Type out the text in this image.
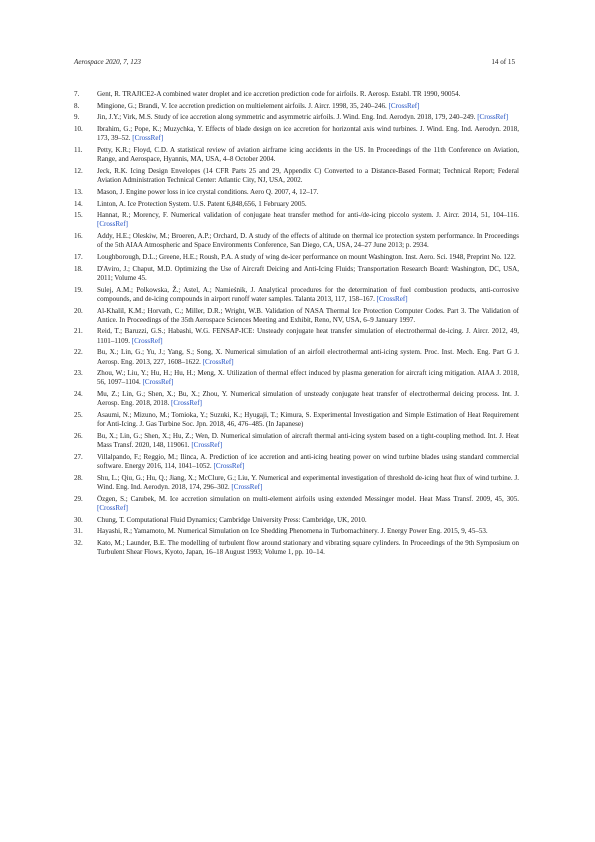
Aerospace 2020, 7, 123	14 of 15
7.	Gent, R. TRAJICE2-A combined water droplet and ice accretion prediction code for airfoils. R. Aerosp. Establ. TR 1990, 90054.
8.	Mingione, G.; Brandi, V. Ice accretion prediction on multielement airfoils. J. Aircr. 1998, 35, 240–246. [CrossRef]
9.	Jin, J.Y.; Virk, M.S. Study of ice accretion along symmetric and asymmetric airfoils. J. Wind. Eng. Ind. Aerodyn. 2018, 179, 240–249. [CrossRef]
10.	Ibrahim, G.; Pope, K.; Muzychka, Y. Effects of blade design on ice accretion for horizontal axis wind turbines. J. Wind. Eng. Ind. Aerodyn. 2018, 173, 39–52. [CrossRef]
11.	Petty, K.R.; Floyd, C.D. A statistical review of aviation airframe icing accidents in the US. In Proceedings of the 11th Conference on Aviation, Range, and Aerospace, Hyannis, MA, USA, 4–8 October 2004.
12.	Jeck, R.K. Icing Design Envelopes (14 CFR Parts 25 and 29, Appendix C) Converted to a Distance-Based Format; Technical Report; Federal Aviation Administration Technical Center: Atlantic City, NJ, USA, 2002.
13.	Mason, J. Engine power loss in ice crystal conditions. Aero Q. 2007, 4, 12–17.
14.	Linton, A. Ice Protection System. U.S. Patent 6,848,656, 1 February 2005.
15.	Hannat, R.; Morency, F. Numerical validation of conjugate heat transfer method for anti-/de-icing piccolo system. J. Aircr. 2014, 51, 104–116. [CrossRef]
16.	Addy, H.E.; Oleskiw, M.; Broeren, A.P.; Orchard, D. A study of the effects of altitude on thermal ice protection system performance. In Proceedings of the 5th AIAA Atmospheric and Space Environments Conference, San Diego, CA, USA, 24–27 June 2013; p. 2934.
17.	Loughborough, D.L.; Greene, H.E.; Roush, P.A. A study of wing de-icer performance on mount Washington. Inst. Aero. Sci. 1948, Preprint No. 122.
18.	D'Aviro, J.; Chaput, M.D. Optimizing the Use of Aircraft Deicing and Anti-Icing Fluids; Transportation Research Board: Washington, DC, USA, 2011; Volume 45.
19.	Sulej, A.M.; Polkowska, Ž.; Astel, A.; Namieśnik, J. Analytical procedures for the determination of fuel combustion products, anti-corrosive compounds, and de-icing compounds in airport runoff water samples. Talanta 2013, 117, 158–167. [CrossRef]
20.	Al-Khalil, K.M.; Horvath, C.; Miller, D.R.; Wright, W.B. Validation of NASA Thermal Ice Protection Computer Codes. Part 3. The Validation of Antice. In Proceedings of the 35th Aerospace Sciences Meeting and Exhibit, Reno, NV, USA, 6–9 January 1997.
21.	Reid, T.; Baruzzi, G.S.; Habashi, W.G. FENSAP-ICE: Unsteady conjugate heat transfer simulation of electrothermal de-icing. J. Aircr. 2012, 49, 1101–1109. [CrossRef]
22.	Bu, X.; Lin, G.; Yu, J.; Yang, S.; Song, X. Numerical simulation of an airfoil electrothermal anti-icing system. Proc. Inst. Mech. Eng. Part G J. Aerosp. Eng. 2013, 227, 1608–1622. [CrossRef]
23.	Zhou, W.; Liu, Y.; Hu, H.; Hu, H.; Meng, X. Utilization of thermal effect induced by plasma generation for aircraft icing mitigation. AIAA J. 2018, 56, 1097–1104. [CrossRef]
24.	Mu, Z.; Lin, G.; Shen, X.; Bu, X.; Zhou, Y. Numerical simulation of unsteady conjugate heat transfer of electrothermal deicing process. Int. J. Aerosp. Eng. 2018, 2018. [CrossRef]
25.	Asaumi, N.; Mizuno, M.; Tomioka, Y.; Suzuki, K.; Hyugaji, T.; Kimura, S. Experimental Investigation and Simple Estimation of Heat Requirement for Anti-Icing. J. Gas Turbine Soc. Jpn. 2018, 46, 476–485. (In Japanese)
26.	Bu, X.; Lin, G.; Shen, X.; Hu, Z.; Wen, D. Numerical simulation of aircraft thermal anti-icing system based on a tight-coupling method. Int. J. Heat Mass Transf. 2020, 148, 119061. [CrossRef]
27.	Villalpando, F.; Reggio, M.; Ilinca, A. Prediction of ice accretion and anti-icing heating power on wind turbine blades using standard commercial software. Energy 2016, 114, 1041–1052. [CrossRef]
28.	Shu, L.; Qiu, G.; Hu, Q.; Jiang, X.; McClure, G.; Liu, Y. Numerical and experimental investigation of threshold de-icing heat flux of wind turbine. J. Wind. Eng. Ind. Aerodyn. 2018, 174, 296–302. [CrossRef]
29.	Özgen, S.; Canıbek, M. Ice accretion simulation on multi-element airfoils using extended Messinger model. Heat Mass Transf. 2009, 45, 305. [CrossRef]
30.	Chung, T. Computational Fluid Dynamics; Cambridge University Press: Cambridge, UK, 2010.
31.	Hayashi, R.; Yamamoto, M. Numerical Simulation on Ice Shedding Phenomena in Turbomachinery. J. Energy Power Eng. 2015, 9, 45–53.
32.	Kato, M.; Launder, B.E. The modelling of turbulent flow around stationary and vibrating square cylinders. In Proceedings of the 9th Symposium on Turbulent Shear Flows, Kyoto, Japan, 16–18 August 1993; Volume 1, pp. 10–14.
